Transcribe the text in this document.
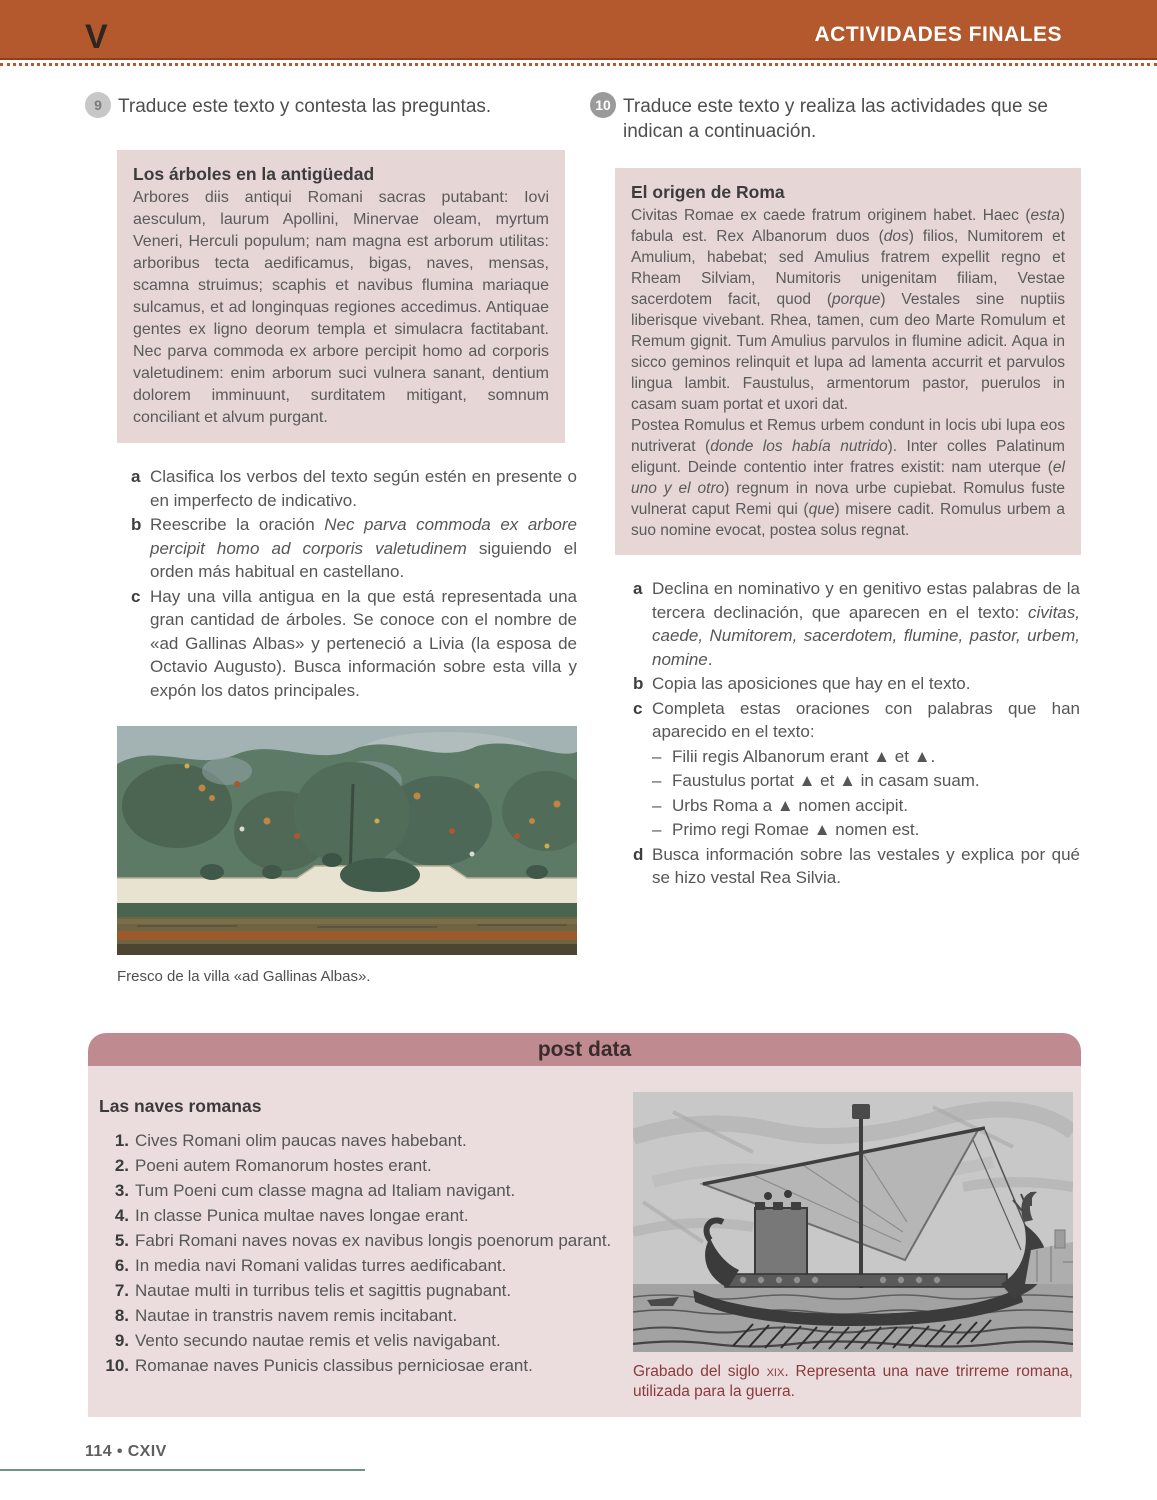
V	ACTIVIDADES FINALES
9 Traduce este texto y contesta las preguntas.
Los árboles en la antigüedad

Arbores diis antiqui Romani sacras putabant: Iovi aesculum, laurum Apollini, Minervae oleam, myrtum Veneri, Herculi populum; nam magna est arborum utilitas: arboribus tecta aedificamus, bigas, naves, mensas, scamna struimus; scaphis et navibus flumina mariaque sulcamus, et ad longinquas regiones accedimus. Antiquae gentes ex ligno deorum templa et simulacra factitabant. Nec parva commoda ex arbore percipit homo ad corporis valetudinem: enim arborum suci vulnera sanant, dentium dolorem imminuunt, surditatem mitigant, somnum conciliant et alvum purgant.

a Clasifica los verbos del texto según estén en presente o en imperfecto de indicativo.
b Reescribe la oración Nec parva commoda ex arbore percipit homo ad corporis valetudinem siguiendo el orden más habitual en castellano.
c Hay una villa antigua en la que está representada una gran cantidad de árboles. Se conoce con el nombre de «ad Gallinas Albas» y perteneció a Livia (la esposa de Octavio Augusto). Busca información sobre esta villa y expón los datos principales.
Fresco de la villa «ad Gallinas Albas».
10 Traduce este texto y realiza las actividades que se indican a continuación.
El origen de Roma

Civitas Romae ex caede fratrum originem habet. Haec (esta) fabula est. Rex Albanorum duos (dos) filios, Numitorem et Amulium, habebat; sed Amulius fratrem expellit regno et Rheam Silviam, Numitoris unigenitam filiam, Vestae sacerdotem facit, quod (porque) Vestales sine nuptiis liberisque vivebant. Rhea, tamen, cum deo Marte Romulum et Remum gignit. Tum Amulius parvulos in flumine adicit. Aqua in sicco geminos relinquit et lupa ad lamenta accurrit et parvulos lingua lambit. Faustulus, armentorum pastor, puerulos in casam suam portat et uxori dat.

Postea Romulus et Remus urbem condunt in locis ubi lupa eos nutriverat (donde los había nutrido). Inter colles Palatinum eligunt. Deinde contentio inter fratres existit: nam uterque (el uno y el otro) regnum in nova urbe cupiebat. Romulus fuste vulnerat caput Remi qui (que) misere cadit. Romulus urbem a suo nomine evocat, postea solus regnat.

a Declina en nominativo y en genitivo estas palabras de la tercera declinación, que aparecen en el texto: civitas, caede, Numitorem, sacerdotem, flumine, pastor, urbem, nomine.
b Copia las aposiciones que hay en el texto.
c Completa estas oraciones con palabras que han aparecido en el texto:
– Filii regis Albanorum erant ▲ et ▲.
– Faustulus portat ▲ et ▲ in casam suam.
– Urbs Roma a ▲ nomen accipit.
– Primo regi Romae ▲ nomen est.
d Busca información sobre las vestales y explica por qué se hizo vestal Rea Silvia.
post data
Las naves romanas
1. Cives Romani olim paucas naves habebant.
2. Poeni autem Romanorum hostes erant.
3. Tum Poeni cum classe magna ad Italiam navigant.
4. In classe Punica multae naves longae erant.
5. Fabri Romani naves novas ex navibus longis poenorum parant.
6. In media navi Romani validas turres aedificabant.
7. Nautae multi in turribus telis et sagittis pugnabant.
8. Nautae in transtris navem remis incitabant.
9. Vento secundo nautae remis et velis navigabant.
10. Romanae naves Punicis classibus perniciosae erant.	Grabado del siglo xix. Representa una nave trirreme romana, utilizada para la guerra.
114 • CXIV
